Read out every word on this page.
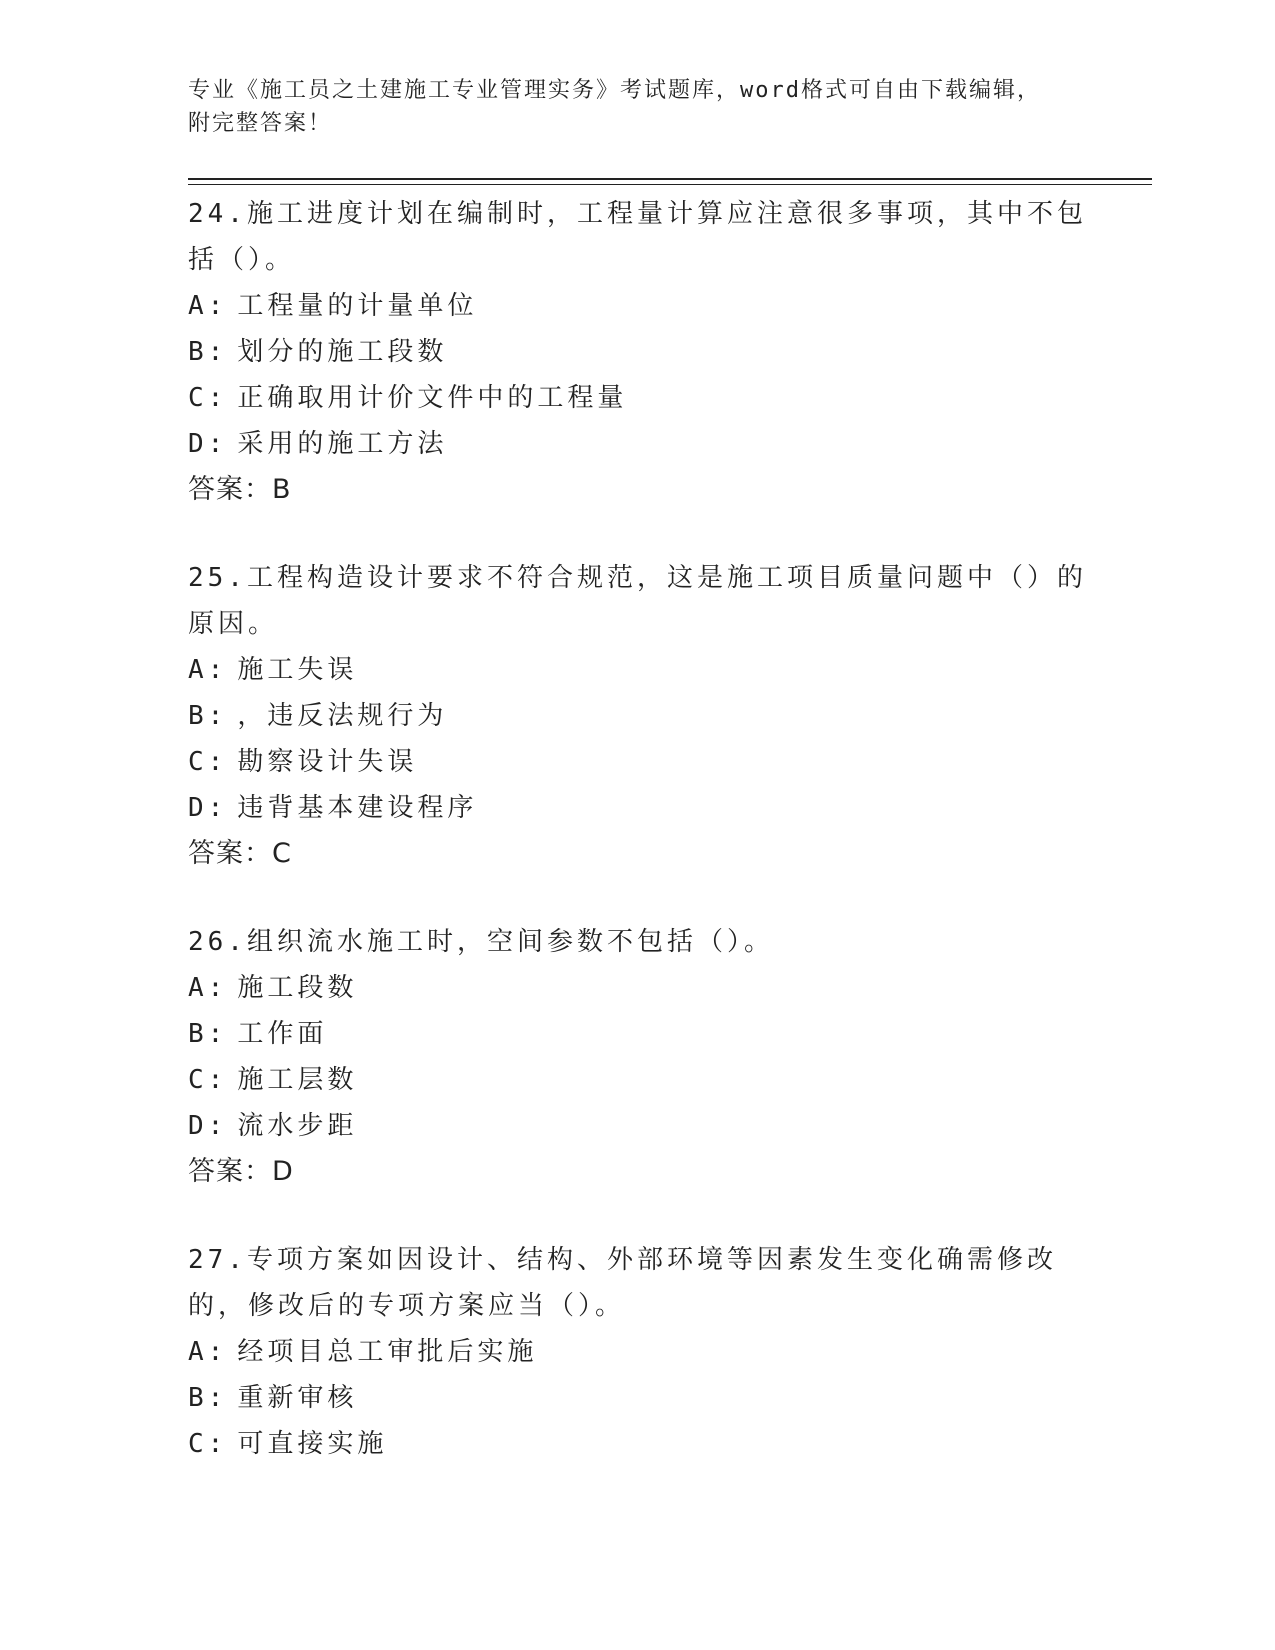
专业《施工员之土建施工专业管理实务》考试题库，word格式可自由下载编辑，
附完整答案！
24.施工进度计划在编制时，工程量计算应注意很多事项，其中不包括（）。
A: 工程量的计量单位
B: 划分的施工段数
C: 正确取用计价文件中的工程量
D: 采用的施工方法
答案：B
25.工程构造设计要求不符合规范，这是施工项目质量问题中（）的原因。
A: 施工失误
B: ，违反法规行为
C: 勘察设计失误
D: 违背基本建设程序
答案：C
26.组织流水施工时，空间参数不包括（）。
A: 施工段数
B: 工作面
C: 施工层数
D: 流水步距
答案：D
27.专项方案如因设计、结构、外部环境等因素发生变化确需修改的，修改后的专项方案应当（）。
A: 经项目总工审批后实施
B: 重新审核
C: 可直接实施
